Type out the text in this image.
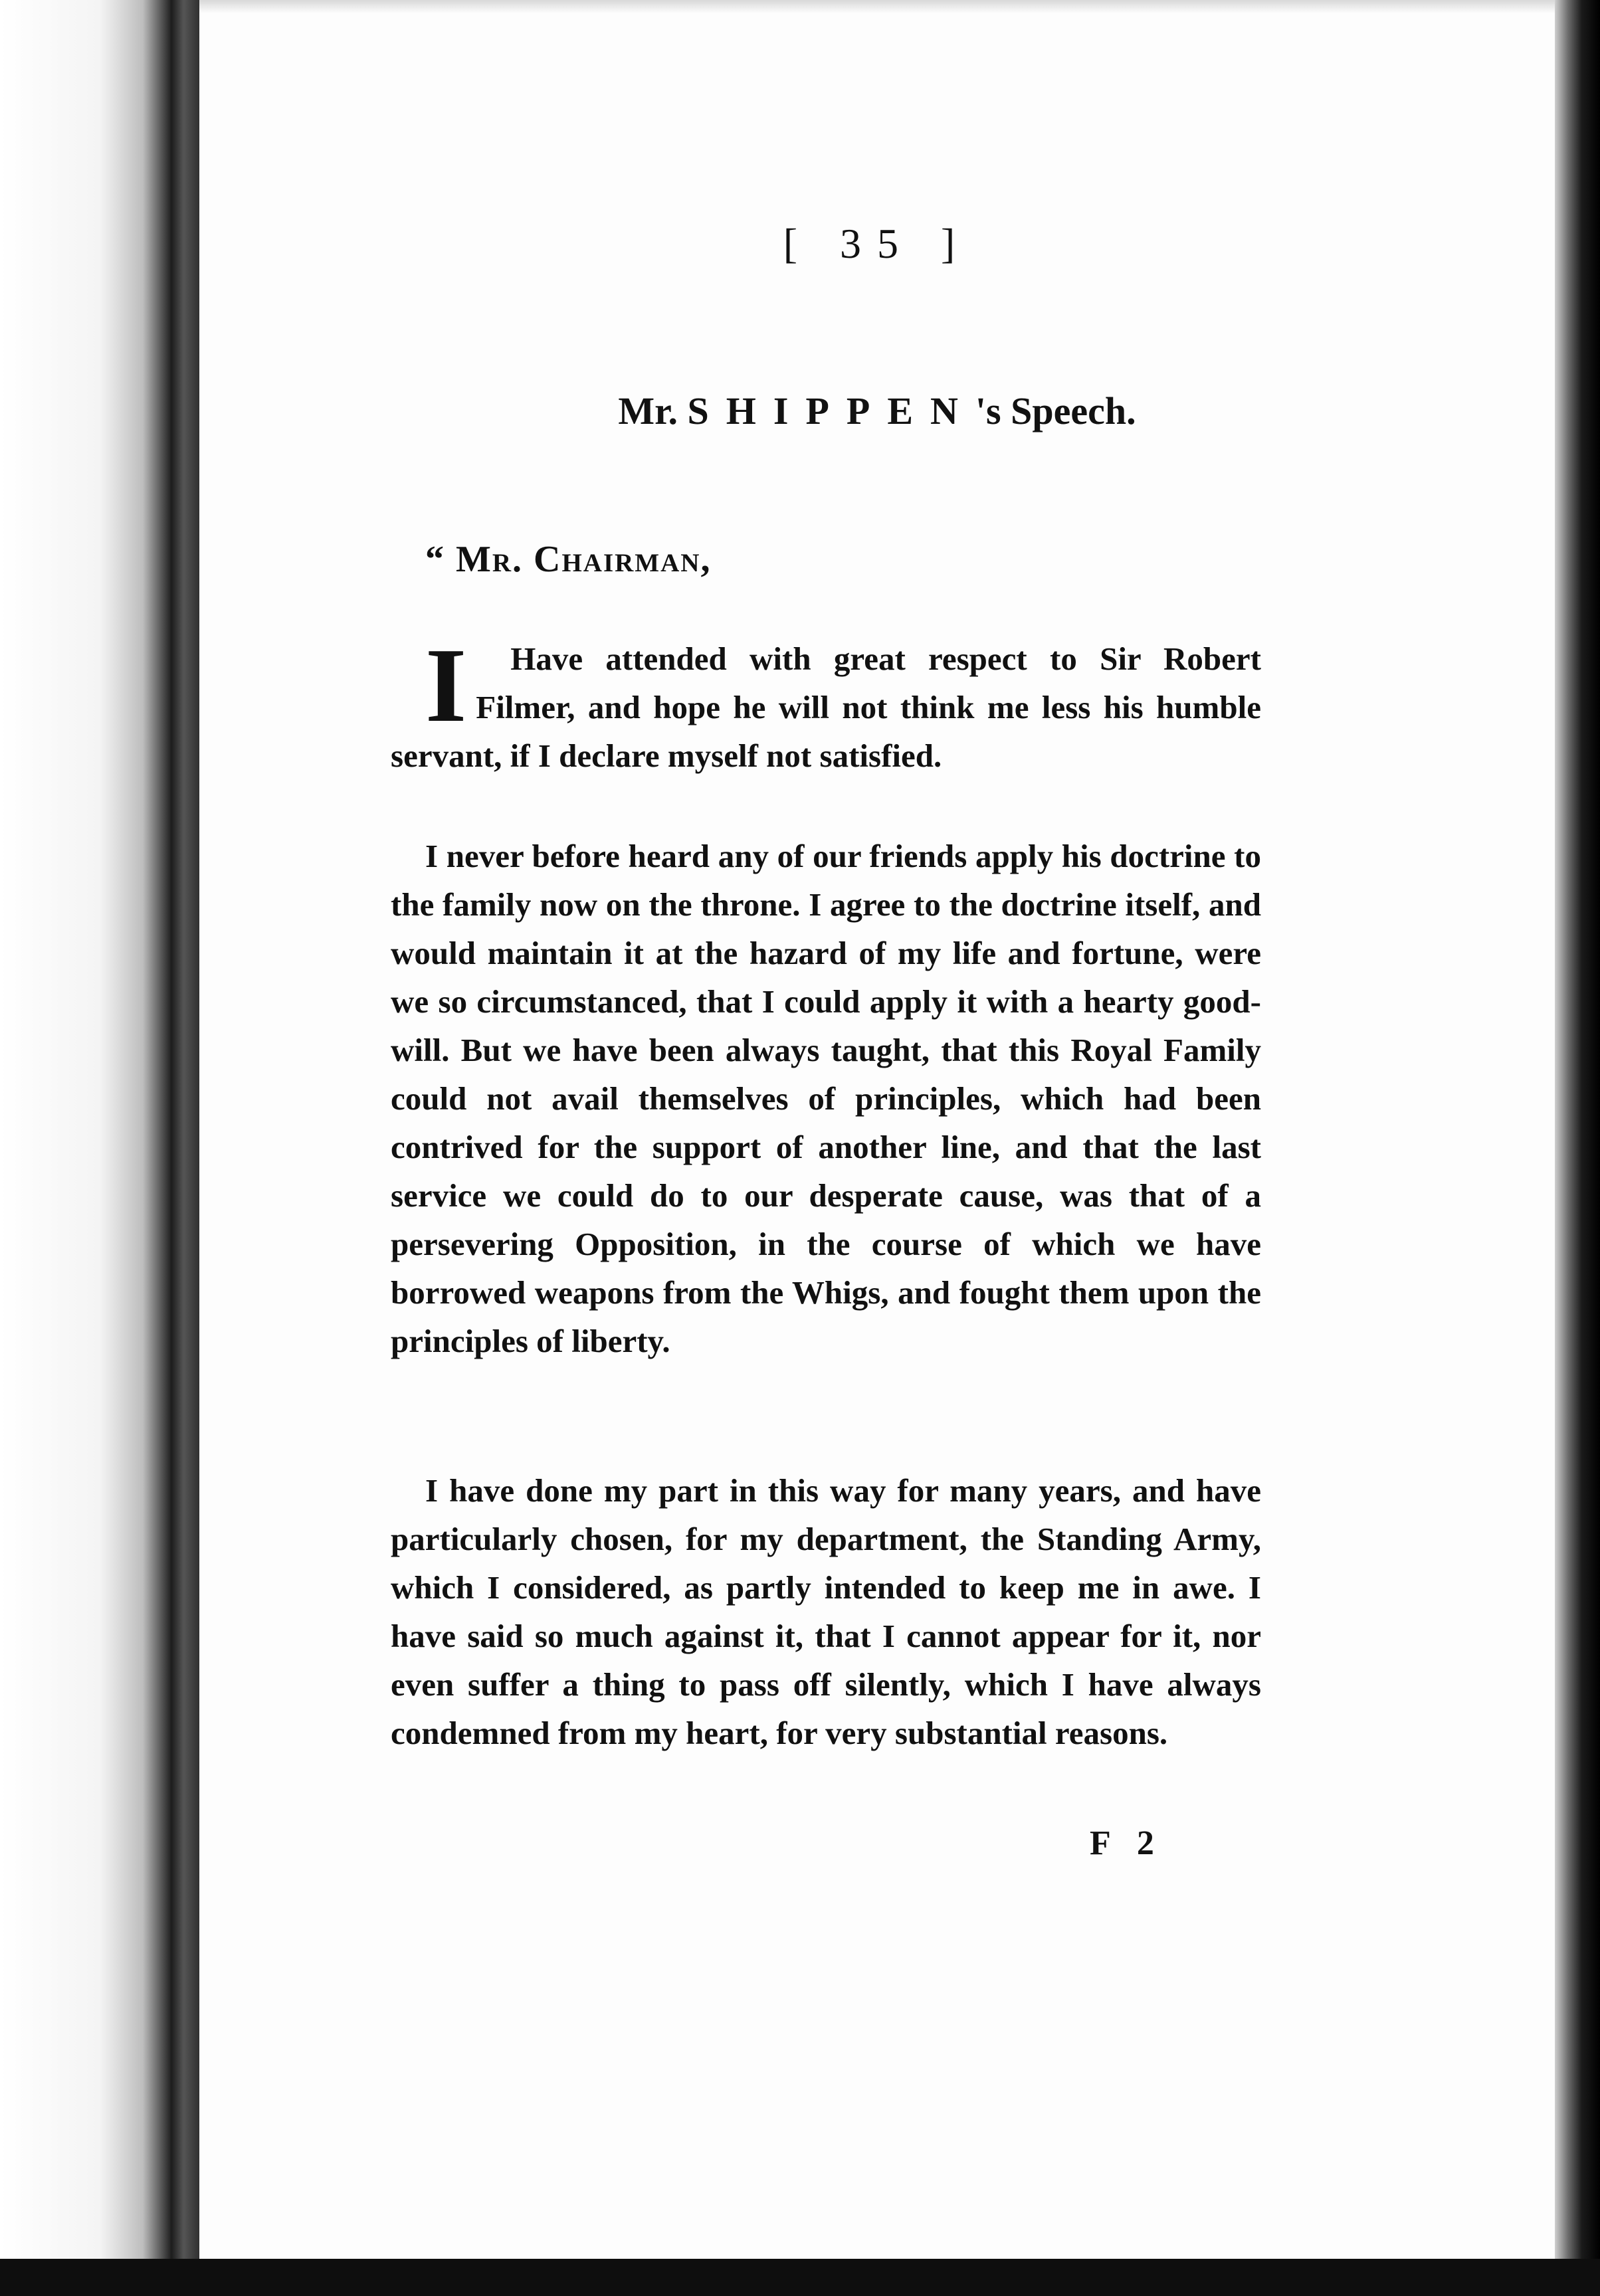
[ 35 ]
Mr. SHIPPEN's Speech.
“ Mr. Chairman,

I Have attended with great respect to Sir Robert Filmer, and hope he will not think me less his humble servant, if I declare myself not satisfied.

I never before heard any of our friends apply his doctrine to the family now on the throne. I agree to the doctrine itself, and would maintain it at the hazard of my life and fortune, were we so circumstanced, that I could apply it with a hearty good-will. But we have been always taught, that this Royal Family could not avail themselves of principles, which had been contrived for the support of another line, and that the last service we could do to our desperate cause, was that of a persevering Opposition, in the course of which we have borrowed weapons from the Whigs, and fought them upon the principles of liberty.

I have done my part in this way for many years, and have particularly chosen, for my department, the Standing Army, which I considered, as partly intended to keep me in awe. I have said so much against it, that I cannot appear for it, nor even suffer a thing to pass off silently, which I have always condemned from my heart, for very substantial reasons.

F 2
